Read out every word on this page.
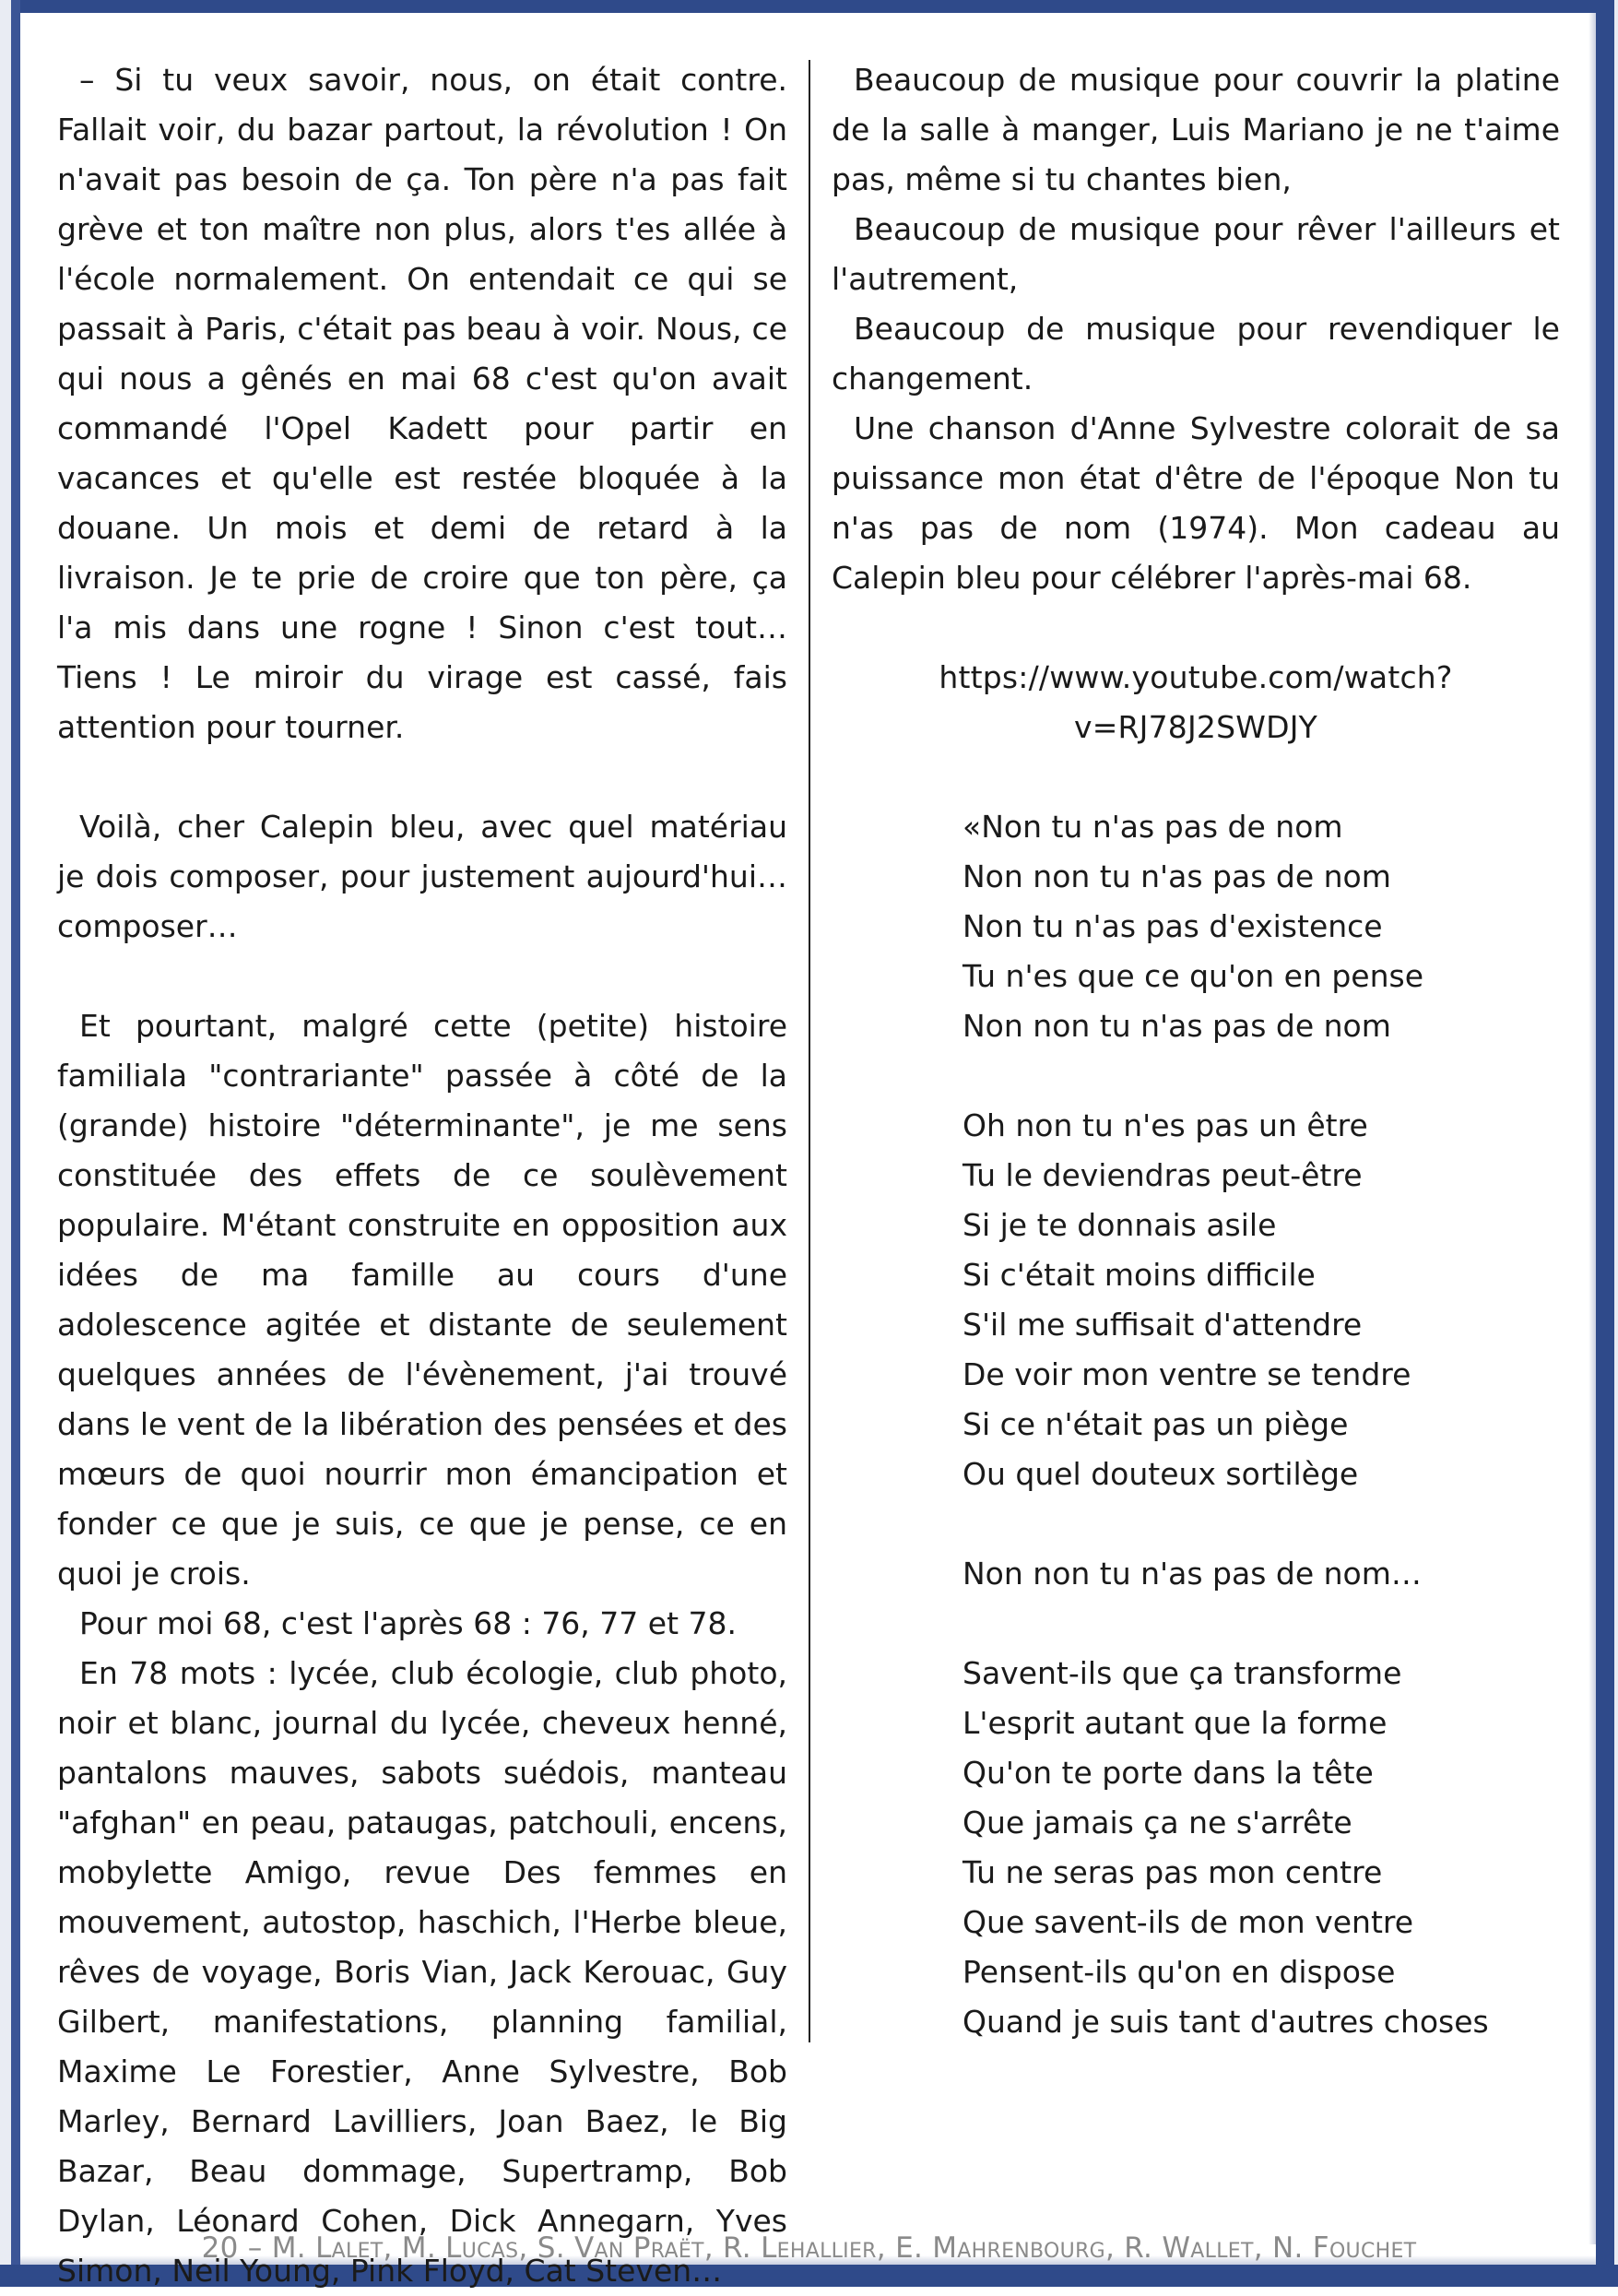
– Si tu veux savoir, nous, on était contre. Fallait voir, du bazar partout, la révolution ! On n'avait pas besoin de ça. Ton père n'a pas fait grève et ton maître non plus, alors t'es allée à l'école normalement. On entendait ce qui se passait à Paris, c'était pas beau à voir. Nous, ce qui nous a gênés en mai 68 c'est qu'on avait commandé l'Opel Kadett pour partir en vacances et qu'elle est restée bloquée à la douane. Un mois et demi de retard à la livraison. Je te prie de croire que ton père, ça l'a mis dans une rogne ! Sinon c'est tout… Tiens ! Le miroir du virage est cassé, fais attention pour tourner.

Voilà, cher Calepin bleu, avec quel matériau je dois composer, pour justement aujourd'hui… composer…

Et pourtant, malgré cette (petite) histoire familiala "contrariante" passée à côté de la (grande) histoire "déterminante", je me sens constituée des effets de ce soulèvement populaire. M'étant construite en opposition aux idées de ma famille au cours d'une adolescence agitée et distante de seulement quelques années de l'évènement, j'ai trouvé dans le vent de la libération des pensées et des mœurs de quoi nourrir mon émancipation et fonder ce que je suis, ce que je pense, ce en quoi je crois.

Pour moi 68, c'est l'après 68 : 76, 77 et 78.

En 78 mots : lycée, club écologie, club photo, noir et blanc, journal du lycée, cheveux henné, pantalons mauves, sabots suédois, manteau "afghan" en peau, pataugas, patchouli, encens, mobylette Amigo, revue Des femmes en mouvement, autostop, haschich, l'Herbe bleue, rêves de voyage, Boris Vian, Jack Kerouac, Guy Gilbert, manifestations, planning familial, Maxime Le Forestier, Anne Sylvestre, Bob Marley, Bernard Lavilliers, Joan Baez, le Big Bazar, Beau dommage, Supertramp, Bob Dylan, Léonard Cohen, Dick Annegarn, Yves Simon, Neil Young, Pink Floyd, Cat Steven…

Beaucoup de musique pour couvrir la platine de la salle à manger, Luis Mariano je ne t'aime pas, même si tu chantes bien,

Beaucoup de musique pour rêver l'ailleurs et l'autrement,

Beaucoup de musique pour revendiquer le changement.

Une chanson d'Anne Sylvestre colorait de sa puissance mon état d'être de l'époque Non tu n'as pas de nom (1974). Mon cadeau au Calepin bleu pour célébrer l'après-mai 68.

https://www.youtube.com/watch?v=RJ78J2SWDJY

«Non tu n'as pas de nom
Non non tu n'as pas de nom
Non tu n'as pas d'existence
Tu n'es que ce qu'on en pense
Non non tu n'as pas de nom
Oh non tu n'es pas un être
Tu le deviendras peut-être
Si je te donnais asile
Si c'était moins difficile
S'il me suffisait d'attendre
De voir mon ventre se tendre
Si ce n'était pas un piège
Ou quel douteux sortilège
Non non tu n'as pas de nom…
Savent-ils que ça transforme
L'esprit autant que la forme
Qu'on te porte dans la tête
Que jamais ça ne s'arrête
Tu ne seras pas mon centre
Que savent-ils de mon ventre
Pensent-ils qu'on en dispose
Quand je suis tant d'autres choses
20 – M. Lalet, M. Lucas, S. Van Praët, R. Lehallier, E. Mahrenbourg, R. Wallet, N. Fouchet
